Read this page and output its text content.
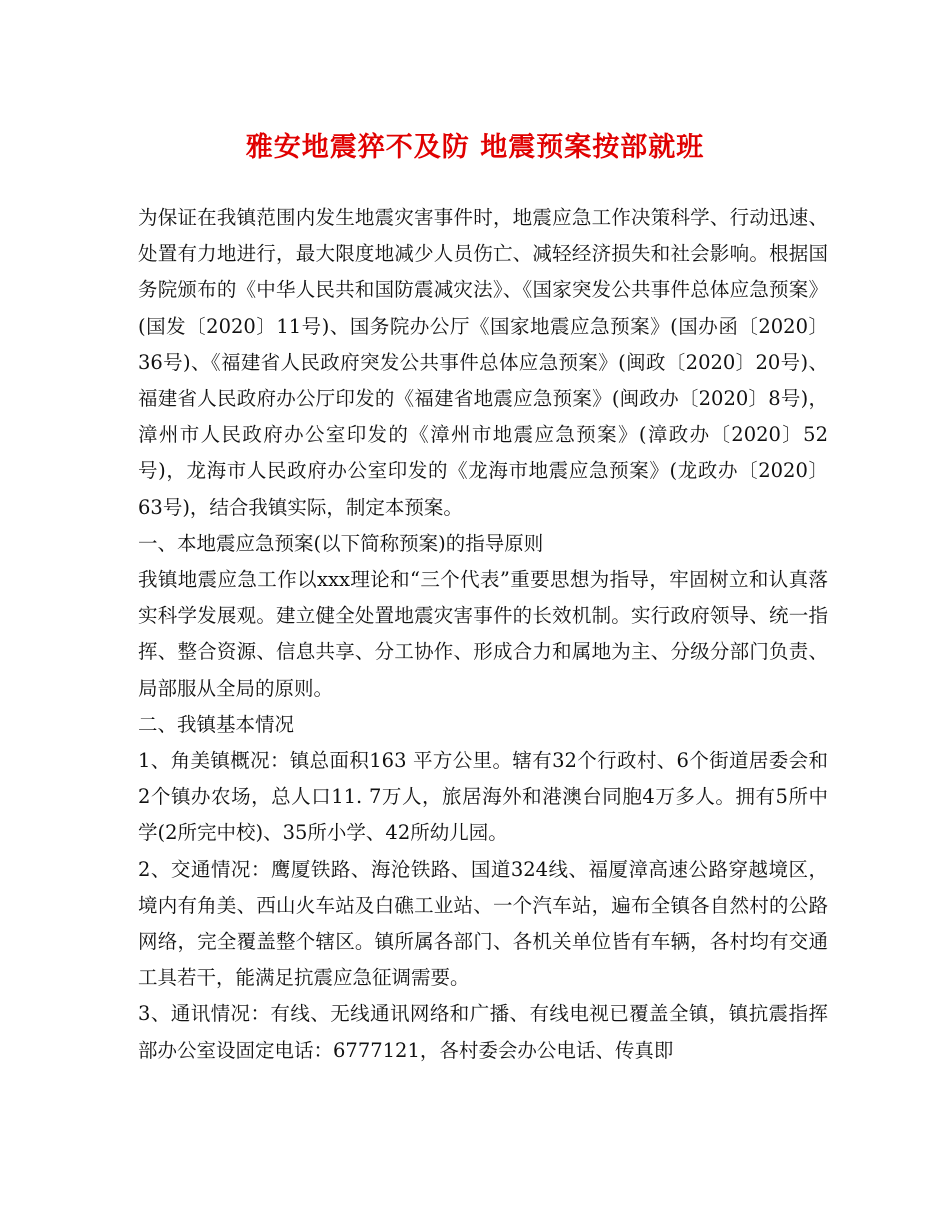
雅安地震猝不及防 地震预案按部就班

为保证在我镇范围内发生地震灾害事件时，地震应急工作决策科学、行动迅速、处置有力地进行，最大限度地减少人员伤亡、减轻经济损失和社会影响。根据国务院颁布的《中华人民共和国防震减灾法》、《国家突发公共事件总体应急预案》(国发〔2020〕11号)、国务院办公厅《国家地震应急预案》(国办函〔2020〕36号)、《福建省人民政府突发公共事件总体应急预案》(闽政〔2020〕20号)、福建省人民政府办公厅印发的《福建省地震应急预案》(闽政办〔2020〕8号)，漳州市人民政府办公室印发的《漳州市地震应急预案》(漳政办〔2020〕52号)，龙海市人民政府办公室印发的《龙海市地震应急预案》(龙政办〔2020〕63号)，结合我镇实际，制定本预案。

一、本地震应急预案(以下简称预案)的指导原则

我镇地震应急工作以xxx理论和“三个代表”重要思想为指导，牢固树立和认真落实科学发展观。建立健全处置地震灾害事件的长效机制。实行政府领导、统一指挥、整合资源、信息共享、分工协作、形成合力和属地为主、分级分部门负责、局部服从全局的原则。

二、我镇基本情况

1、角美镇概况：镇总面积163 平方公里。辖有32个行政村、6个街道居委会和2个镇办农场，总人口11. 7万人，旅居海外和港澳台同胞4万多人。拥有5所中学(2所完中校)、35所小学、42所幼儿园。

2、交通情况：鹰厦铁路、海沧铁路、国道324线、福厦漳高速公路穿越境区，境内有角美、西山火车站及白礁工业站、一个汽车站，遍布全镇各自然村的公路网络，完全覆盖整个辖区。镇所属各部门、各机关单位皆有车辆，各村均有交通工具若干，能满足抗震应急征调需要。

3、通讯情况：有线、无线通讯网络和广播、有线电视已覆盖全镇，镇抗震指挥部办公室设固定电话：6777121，各村委会办公电话、传真即
